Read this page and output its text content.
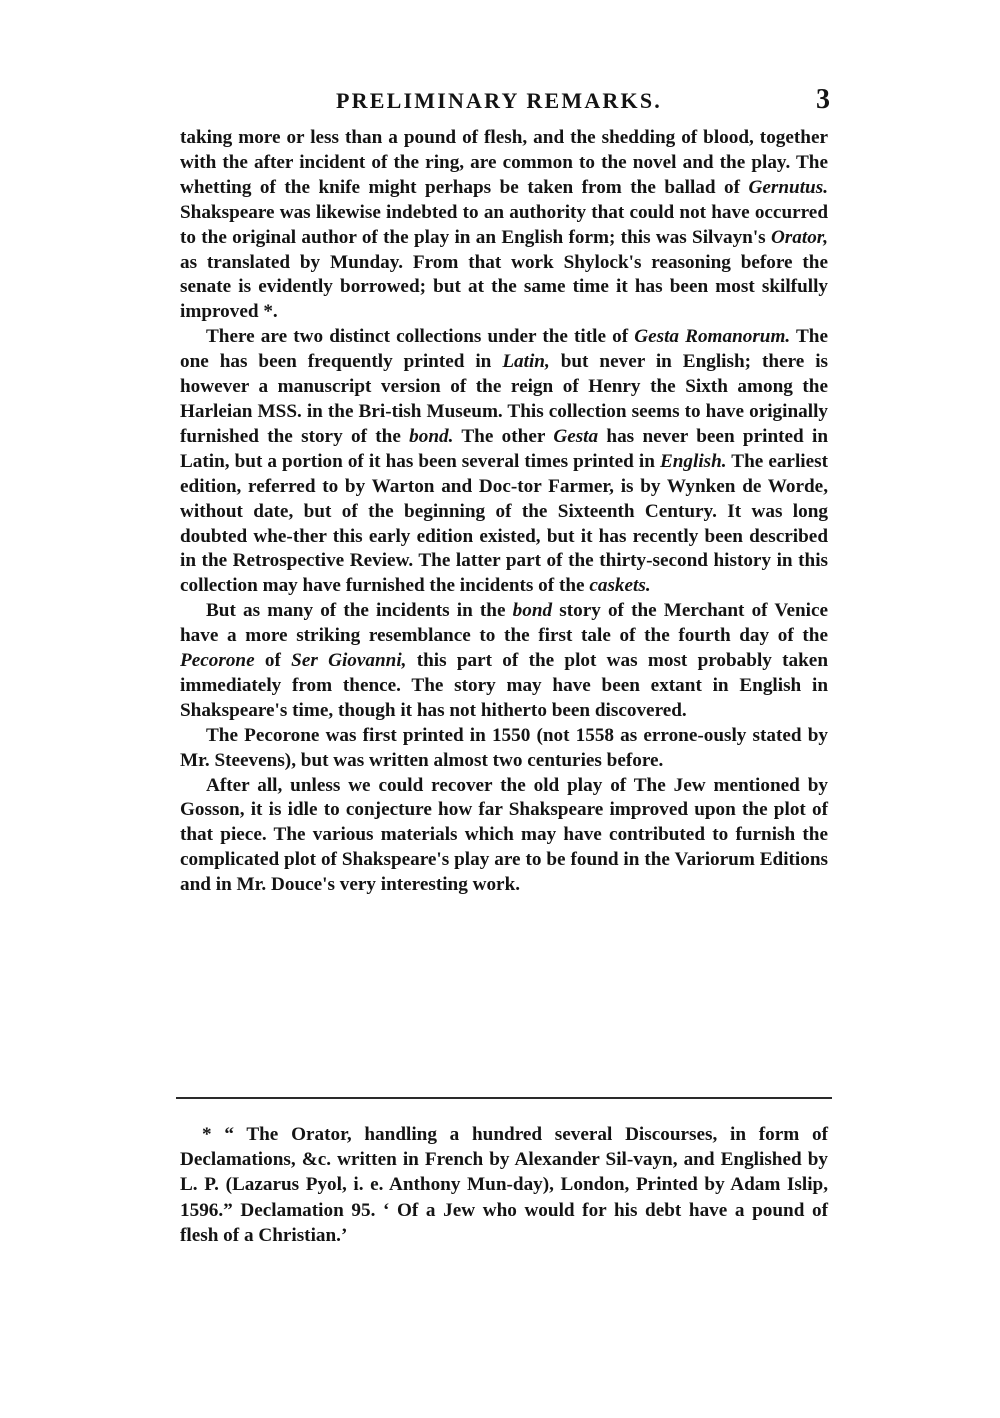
PRELIMINARY REMARKS.	3

taking more or less than a pound of flesh, and the shedding of blood, together with the after incident of the ring, are common to the novel and the play. The whetting of the knife might perhaps be taken from the ballad of Gernutus. Shakspeare was likewise indebted to an authority that could not have occurred to the original author of the play in an English form; this was Silvayn's Orator, as translated by Munday. From that work Shylock's reasoning before the senate is evidently borrowed; but at the same time it has been most skilfully improved *.

There are two distinct collections under the title of Gesta Romanorum. The one has been frequently printed in Latin, but never in English; there is however a manuscript version of the reign of Henry the Sixth among the Harleian MSS. in the Bri-tish Museum. This collection seems to have originally furnished the story of the bond. The other Gesta has never been printed in Latin, but a portion of it has been several times printed in English. The earliest edition, referred to by Warton and Doc-tor Farmer, is by Wynken de Worde, without date, but of the beginning of the Sixteenth Century. It was long doubted whe-ther this early edition existed, but it has recently been described in the Retrospective Review. The latter part of the thirty-second history in this collection may have furnished the incidents of the caskets.

But as many of the incidents in the bond story of the Merchant of Venice have a more striking resemblance to the first tale of the fourth day of the Pecorone of Ser Giovanni, this part of the plot was most probably taken immediately from thence. The story may have been extant in English in Shakspeare's time, though it has not hitherto been discovered.

The Pecorone was first printed in 1550 (not 1558 as errone-ously stated by Mr. Steevens), but was written almost two centuries before.

After all, unless we could recover the old play of The Jew mentioned by Gosson, it is idle to conjecture how far Shakspeare improved upon the plot of that piece. The various materials which may have contributed to furnish the complicated plot of Shakspeare's play are to be found in the Variorum Editions and in Mr. Douce's very interesting work.

* “ The Orator, handling a hundred several Discourses, in form of Declamations, &c. written in French by Alexander Sil-vayn, and Englished by L. P. (Lazarus Pyol, i. e. Anthony Mun-day), London, Printed by Adam Islip, 1596.” Declamation 95. ‘ Of a Jew who would for his debt have a pound of flesh of a Christian.’
